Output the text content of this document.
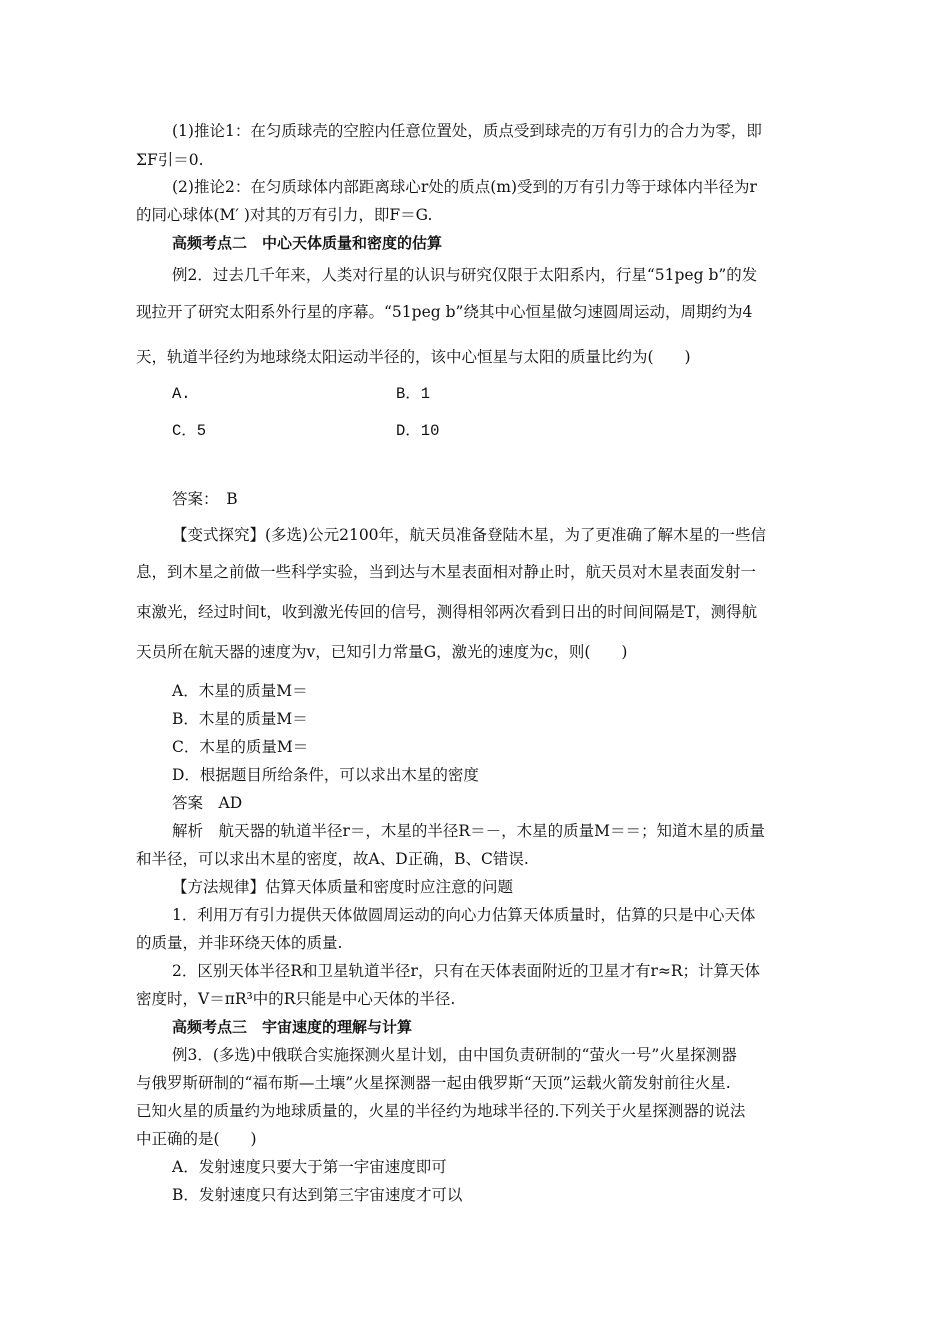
(1)推论1：在匀质球壳的空腔内任意位置处，质点受到球壳的万有引力的合力为零，即
ΣF引＝0.
(2)推论2：在匀质球体内部距离球心r处的质点(m)受到的万有引力等于球体内半径为r
的同心球体(M′ )对其的万有引力，即F＝G.
高频考点二　中心天体质量和密度的估算
例2．过去几千年来，人类对行星的认识与研究仅限于太阳系内，行星“51peg b”的发
现拉开了研究太阳系外行星的序幕。“51peg b”绕其中心恒星做匀速圆周运动，周期约为4
天，轨道半径约为地球绕太阳运动半径的，该中心恒星与太阳的质量比约为(　　)
A.	B．1
C．5	D．10
答案：　B
【变式探究】(多选)公元2100年，航天员准备登陆木星，为了更准确了解木星的一些信
息，到木星之前做一些科学实验，当到达与木星表面相对静止时，航天员对木星表面发射一
束激光，经过时间t，收到激光传回的信号，测得相邻两次看到日出的时间间隔是T，测得航
天员所在航天器的速度为v，已知引力常量G，激光的速度为c，则(　　)
A．木星的质量M＝
B．木星的质量M＝
C．木星的质量M＝
D．根据题目所给条件，可以求出木星的密度
答案　AD
解析　航天器的轨道半径r＝，木星的半径R＝－，木星的质量M＝＝；知道木星的质量
和半径，可以求出木星的密度，故A、D正确，B、C错误.
【方法规律】估算天体质量和密度时应注意的问题
1．利用万有引力提供天体做圆周运动的向心力估算天体质量时，估算的只是中心天体
的质量，并非环绕天体的质量.
2．区别天体半径R和卫星轨道半径r，只有在天体表面附近的卫星才有r≈R；计算天体
密度时，V＝πR³中的R只能是中心天体的半径.
高频考点三　宇宙速度的理解与计算
例3．(多选)中俄联合实施探测火星计划，由中国负责研制的“萤火一号”火星探测器
与俄罗斯研制的“福布斯—土壤”火星探测器一起由俄罗斯“天顶”运载火箭发射前往火星.
已知火星的质量约为地球质量的，火星的半径约为地球半径的.下列关于火星探测器的说法
中正确的是(　　)
A．发射速度只要大于第一宇宙速度即可
B．发射速度只有达到第三宇宙速度才可以
